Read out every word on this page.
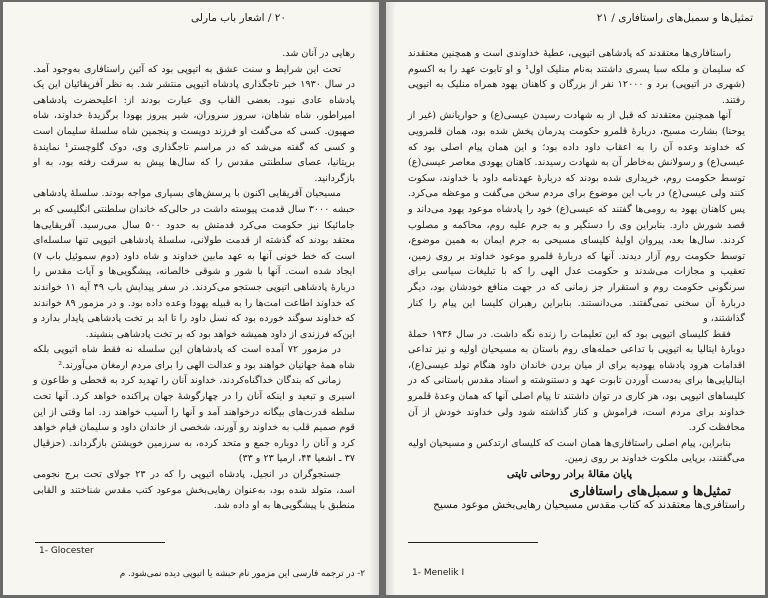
۲۰ / اشعار باب مارلی

رهایی در آنان شد.

تحت این شرایط و سنت عشق به اتیوپی بود که آئین راستافاری به‌وجود آمد. در سال ۱۹۳۰ خبر تاجگذاری پادشاه اتیوپی منتشر شد. به نظر آفریقائیان این یک پادشاه عادی نبود. بعضی القاب وی عبارت بودند از: اعلیحضرت پادشاهی امپراطور، شاه شاهان، سرور سروران، شیر پیروز یهودا برگزیدهٔ خداوند، شاه صهیون. کسی که می‌گفت او فرزند دویست و پنجمین شاه سلسلهٔ سلیمان است و کسی که گفته می‌شد که در مراسم تاجگذاری وی، دوک گلوچستر¹ نمایندهٔ بریتانیا، عصای سلطنتی مقدس را که سال‌ها پیش به سرقت رفته بود، به او بازگردانید.

مسیحیان آفریقایی اکنون با پرسش‌های بسیاری مواجه بودند. سلسلهٔ پادشاهی حبشه ۳۰۰۰ سال قدمت پیوسته داشت در حالی‌که خاندان سلطنتی انگلیسی که بر جامائیکا نیز حکومت می‌کرد قدمتش به حدود ۵۰۰ سال می‌رسید. آفریقایی‌ها معتقد بودند که گذشته از قدمت طولانی، سلسلهٔ پادشاهی اتیوپی تنها سلسله‌ای است که خط خونی آنها به عهد مابین خداوند و شاه داود (دوم سموئیل باب ۷) ایجاد شده است. آنها با شور و شوقی خالصانه، پیشگویی‌ها و آیات مقدس را دربارهٔ پادشاهی اتیوپی جستجو می‌کردند. در سفر پیدایش باب ۴۹ آیه ۱۱ خواندند که خداوند اطاعت امت‌ها را به قبیله یهودا وعده داده بود. و در مزمور ۸۹ خواندند که خداوند سوگند خورده بود که نسل داود را تا ابد بر تخت پادشاهی پایدار بدارد و این‌که فرزندی از داود همیشه خواهد بود که بر تخت پادشاهی بنشیند.

در مزمور ۷۲ آمده است که پادشاهان این سلسله نه فقط شاه اتیوپی بلکه شاه همهٔ جهانیان خواهند بود و عدالت الهی را برای مردم ارمغان می‌آورند.²

زمانی که بندگان خداگناه‌کردند، خداوند آنان را تهدید کرد به قحطی و طاعون و اسیری و تبعید و اینکه آنان را در چهارگوشهٔ جهان پراکنده خواهد کرد. آنها تحت سلطه قدرت‌های بیگانه درخواهند آمد و آنها را آسیب خواهند زد. اما وقتی از این قوم صمیم قلب به خداوند رو آورند، شخصی از خاندان داود و سلیمان قیام خواهد کرد و آنان را دوباره جمع و متحد کرده، به سرزمین خویشتن بازگرداند. (حزقیال ۳۷ ـ اشعیا ۴۴، ارمیا ۲۳ و ۳۳)

جستجوگران در انجیل، پادشاه اتیوپی را که در ۲۳ جولای تحت برج نجومی اسد، متولد شده بود، به‌عنوان رهایی‌بخش موعود کتب مقدس شناختند و القابی منطبق با پیشگویی‌ها به او داده شد.

1- Glocester
۲- در ترجمه فارسی این مزمور نام حبشه یا اتیوپی دیده نمی‌شود. م
تمثیل‌ها و سمبل‌های راستافاری / ۲۱

راستافاری‌ها معتقدند که پادشاهی اتیوپی، عطیهٔ خداوندی است و همچنین معتقدند که سلیمان و ملکه سبا پسری داشتند به‌نام منلیک اول¹ و او تابوت عهد را به اکسوم (شهری در اتیوپی) برد و ۱۲۰۰۰ نفر از بزرگان و کاهنان یهود همراه منلیک به اتیوپی رفتند.

آنها همچنین معتقدند که قبل از به شهادت رسیدن عیسی(ع) و حواریانش (غیر از یوحنا) بشارت مسیح، دربارهٔ قلمرو حکومت پدرمان پخش شده بود، همان قلمرویی که خداوند وعده آن را به اعقاب داود داده بود؛ و این همان پیام اصلی بود که عیسی(ع) و رسولانش به‌خاطر آن به شهادت رسیدند. کاهنان یهودی معاصر عیسی(ع) توسط حکومت روم، خریداری شده بودند که دربارهٔ عهدنامه داود با خداوند، سکوت کنند ولی عیسی(ع) در باب این موضوع برای مردم سخن می‌گفت و موعظه می‌کرد. پس کاهنان یهود به رومی‌ها گفتند که عیسی(ع) خود را پادشاه موعود یهود می‌داند و قصد شورش دارد. بنابراین وی را دستگیر و به جرم علیه روم، محاکمه و مصلوب کردند. سال‌ها بعد، پیروان اولیهٔ کلیسای مسیحی به جرم ایمان به همین موضوع، توسط حکومت روم آزار دیدند. آنها که دربارهٔ قلمرو موعود خداوند بر روی زمین، تعقیب و مجازات می‌شدند و حکومت عدل الهی را که با تبلیغات سیاسی برای سرنگونی حکومت روم و استقرار جز زمانی که در جهت منافع خودشان بود، دیگر دربارهٔ آن سخنی نمی‌گفتند. می‌دانستند. بنابراین رهبران کلیسا این پیام را کنار گذاشتند، و

فقط کلیسای اتیوپی بود که این تعلیمات را زنده نگه داشت. در سال ۱۹۳۶ حملهٔ دوبارهٔ ایتالیا به اتیوپی با تداعی حمله‌های روم باستان به مسیحیان اولیه و نیز تداعی اقدامات هرود پادشاه یهودیه برای از میان بردن خاندان داود هنگام تولد عیسی(ع)، اینالیایی‌ها برای به‌دست آوردن تابوت عهد و دستنوشته و اسناد مقدس باستانی که در کلیساهای اتیوپی بود، هر کاری در توان داشتند تا پیام اصلی آنها که همان وعدهٔ قلمرو خداوند برای مردم است، فراموش و کنار گذاشته شود ولی خداوند خودش از آن محافظت کرد.

بنابراین، پیام اصلی راستافاری‌ها همان است که کلیسای ارتدکس و مسیحیان اولیه می‌گفتند، برپایی ملکوت خداوند بر روی زمین.

پایان مقالهٔ برادر روحانی تاپتی

تمثیل‌ها و سمبل‌های راستافاری

راستافری‌ها معتقدند که کتاب مقدس مسیحیان رهایی‌بخش موعود مسیح

1- Menelik I
